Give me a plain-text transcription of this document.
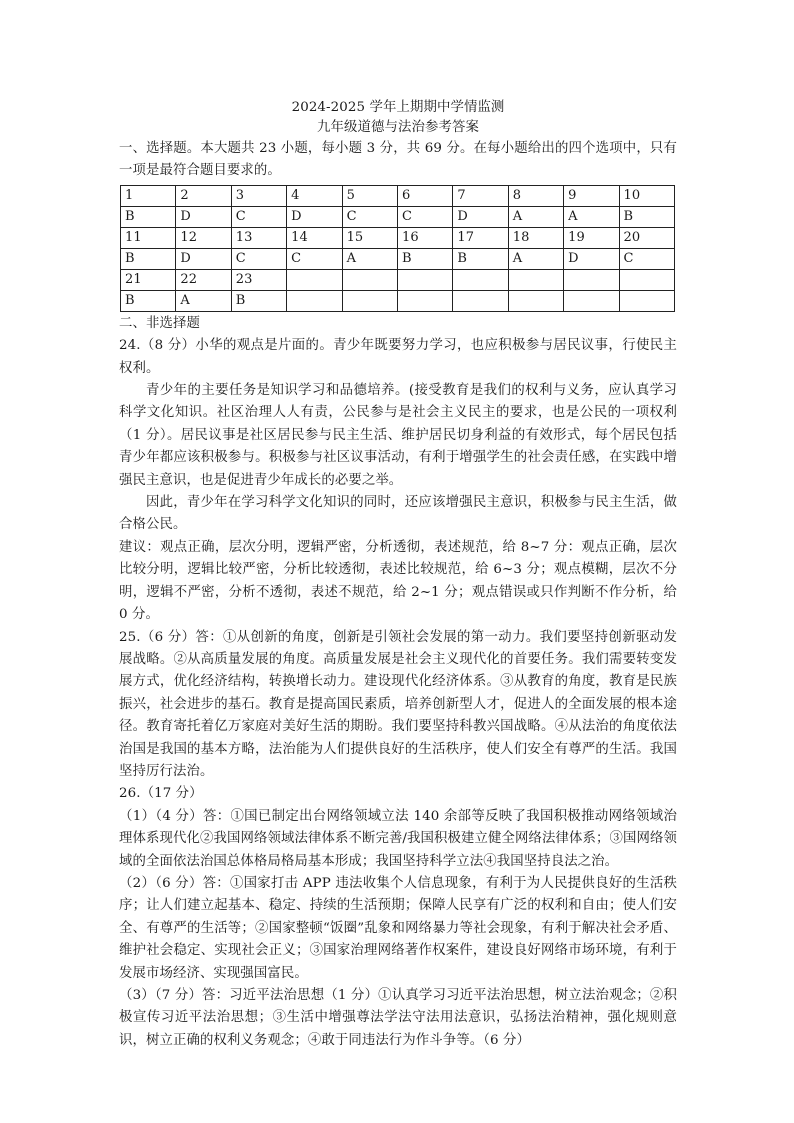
2024-2025 学年上期期中学情监测
九年级道德与法治参考答案

一、选择题。本大题共 23 小题，每小题 3 分，共 69 分。在每小题给出的四个选项中，只有一项是最符合题目要求的。

1	2	3	4	5	6	7	8	9	10
B	D	C	D	C	C	D	A	A	B
11	12	13	14	15	16	17	18	19	20
B	D	C	C	A	B	B	A	D	C
21	22	23							
B	A	B							

二、非选择题

24.（8 分）小华的观点是片面的。青少年既要努力学习，也应积极参与居民议事，行使民主权利。

青少年的主要任务是知识学习和品德培养。(接受教育是我们的权利与义务，应认真学习科学文化知识。社区治理人人有责，公民参与是社会主义民主的要求，也是公民的一项权利（1 分）。居民议事是社区居民参与民主生活、维护居民切身利益的有效形式，每个居民包括青少年都应该积极参与。积极参与社区议事活动，有利于增强学生的社会责任感，在实践中增强民主意识，也是促进青少年成长的必要之举。

因此，青少年在学习科学文化知识的同时，还应该增强民主意识，积极参与民主生活，做合格公民。

建议：观点正确，层次分明，逻辑严密，分析透彻，表述规范，给 8~7 分：观点正确，层次比较分明，逻辑比较严密，分析比较透彻，表述比较规范，给 6~3 分；观点模糊，层次不分明，逻辑不严密，分析不透彻，表述不规范，给 2~1 分；观点错误或只作判断不作分析，给 0 分。

25.（6 分）答：①从创新的角度，创新是引领社会发展的第一动力。我们要坚持创新驱动发展战略。②从高质量发展的角度。高质量发展是社会主义现代化的首要任务。我们需要转变发展方式，优化经济结构，转换增长动力。建设现代化经济体系。③从教育的角度，教育是民族振兴，社会进步的基石。教育是提高国民素质，培养创新型人才，促进人的全面发展的根本途径。教育寄托着亿万家庭对美好生活的期盼。我们要坚持科教兴国战略。④从法治的角度依法治国是我国的基本方略，法治能为人们提供良好的生活秩序，使人们安全有尊严的生活。我国坚持厉行法治。

26.（17 分）

（1）（4 分）答：①国已制定出台网络领域立法 140 余部等反映了我国积极推动网络领域治理体系现代化②我国网络领域法律体系不断完善/我国积极建立健全网络法律体系；③国网络领域的全面依法治国总体格局格局基本形成；我国坚持科学立法④我国坚持良法之治。

（2）（6 分）答：①国家打击 APP 违法收集个人信息现象，有利于为人民提供良好的生活秩序；让人们建立起基本、稳定、持续的生活预期；保障人民享有广泛的权利和自由；使人们安全、有尊严的生活等；②国家整顿“饭圈”乱象和网络暴力等社会现象，有利于解决社会矛盾、维护社会稳定、实现社会正义；③国家治理网络著作权案件，建设良好网络市场环境，有利于发展市场经济、实现强国富民。

（3）（7 分）答：习近平法治思想（1 分）①认真学习习近平法治思想，树立法治观念；②积极宣传习近平法治思想；③生活中增强尊法学法守法用法意识，弘扬法治精神，强化规则意识，树立正确的权利义务观念；④敢于同违法行为作斗争等。（6 分）
